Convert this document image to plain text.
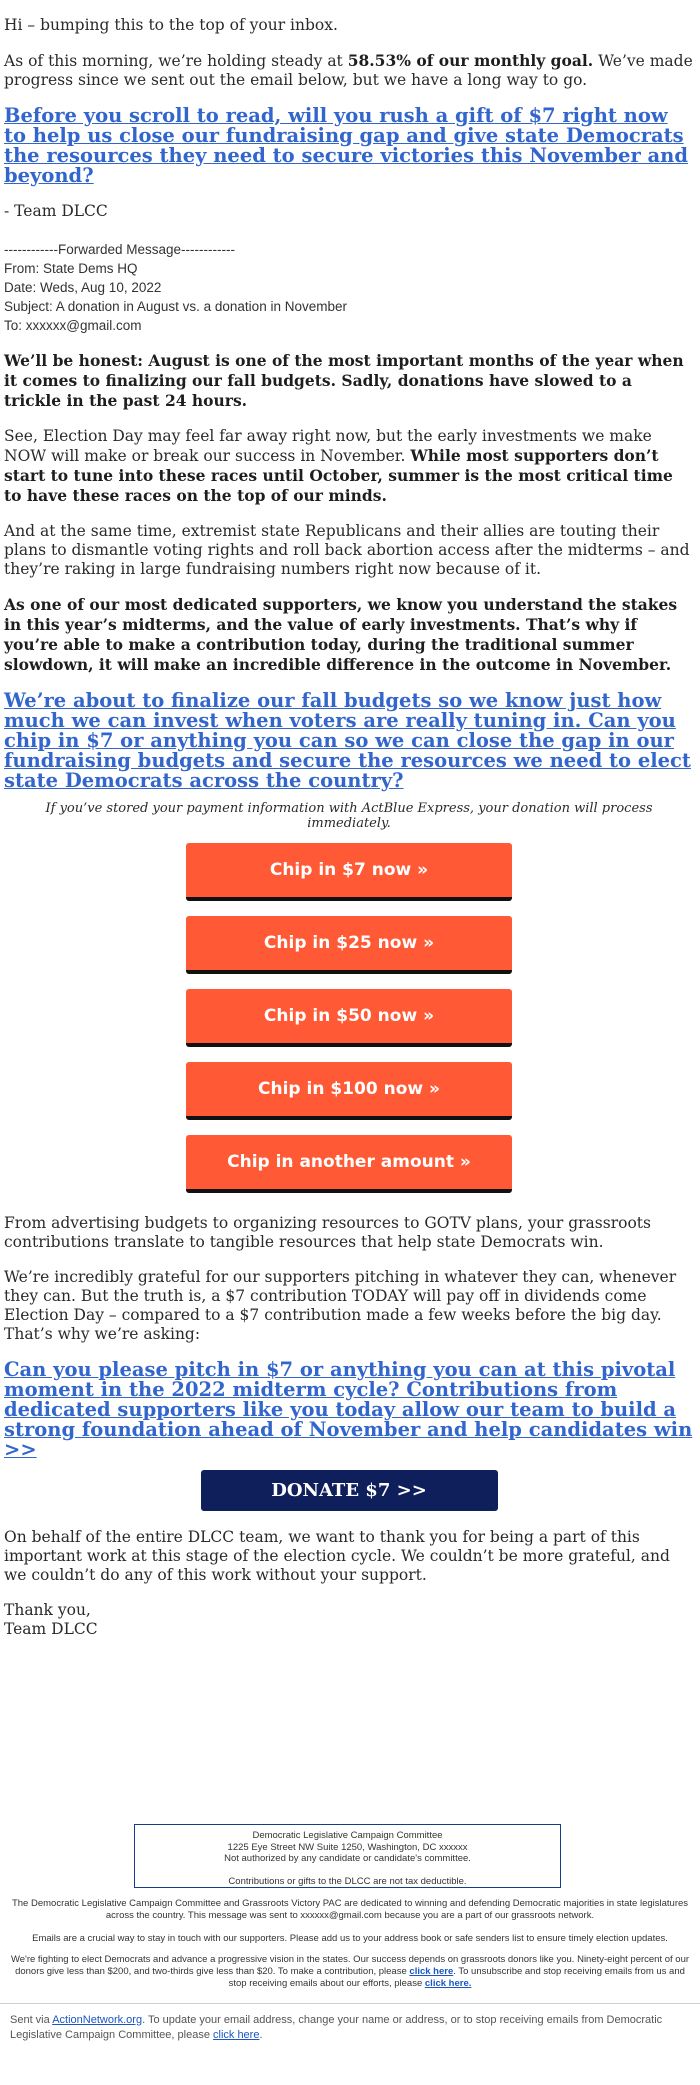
Hi – bumping this to the top of your inbox.

As of this morning, we’re holding steady at 58.53% of our monthly goal. We’ve made progress since we sent out the email below, but we have a long way to go.

Before you scroll to read, will you rush a gift of $7 right now to help us close our fundraising gap and give state Democrats the resources they need to secure victories this November and beyond?

- Team DLCC

------------Forwarded Message------------
From: State Dems HQ
Date: Weds, Aug 10, 2022
Subject: A donation in August vs. a donation in November
To: xxxxxx@gmail.com

We’ll be honest: August is one of the most important months of the year when it comes to finalizing our fall budgets. Sadly, donations have slowed to a trickle in the past 24 hours.

See, Election Day may feel far away right now, but the early investments we make NOW will make or break our success in November. While most supporters don’t start to tune into these races until October, summer is the most critical time to have these races on the top of our minds.

And at the same time, extremist state Republicans and their allies are touting their plans to dismantle voting rights and roll back abortion access after the midterms – and they’re raking in large fundraising numbers right now because of it.

As one of our most dedicated supporters, we know you understand the stakes in this year’s midterms, and the value of early investments. That’s why if you’re able to make a contribution today, during the traditional summer slowdown, it will make an incredible difference in the outcome in November.

We’re about to finalize our fall budgets so we know just how much we can invest when voters are really tuning in. Can you chip in $7 or anything you can so we can close the gap in our fundraising budgets and secure the resources we need to elect state Democrats across the country?

If you’ve stored your payment information with ActBlue Express, your donation will process immediately.

Chip in $7 now »
Chip in $25 now »
Chip in $50 now »
Chip in $100 now »
Chip in another amount »

From advertising budgets to organizing resources to GOTV plans, your grassroots contributions translate to tangible resources that help state Democrats win.

We’re incredibly grateful for our supporters pitching in whatever they can, whenever they can. But the truth is, a $7 contribution TODAY will pay off in dividends come Election Day – compared to a $7 contribution made a few weeks before the big day. That’s why we’re asking:

Can you please pitch in $7 or anything you can at this pivotal moment in the 2022 midterm cycle? Contributions from dedicated supporters like you today allow our team to build a strong foundation ahead of November and help candidates win >>
DONATE $7 >>

On behalf of the entire DLCC team, we want to thank you for being a part of this important work at this stage of the election cycle. We couldn’t be more grateful, and we couldn’t do any of this work without your support.

Thank you,

Team DLCC

Democratic Legislative Campaign Committee
1225 Eye Street NW Suite 1250, Washington, DC xxxxxx
Not authorized by any candidate or candidate's committee.
Contributions or gifts to the DLCC are not tax deductible.

The Democratic Legislative Campaign Committee and Grassroots Victory PAC are dedicated to winning and defending Democratic majorities in state legislatures across the country. This message was sent to xxxxxx@gmail.com because you are a part of our grassroots network.

Emails are a crucial way to stay in touch with our supporters. Please add us to your address book or safe senders list to ensure timely election updates.

We're fighting to elect Democrats and advance a progressive vision in the states. Our success depends on grassroots donors like you. Ninety-eight percent of our donors give less than $200, and two-thirds give less than $20. To make a contribution, please click here. To unsubscribe and stop receiving emails from us and stop receiving emails about our efforts, please click here.

Sent via ActionNetwork.org. To update your email address, change your name or address, or to stop receiving emails from Democratic Legislative Campaign Committee, please click here.
